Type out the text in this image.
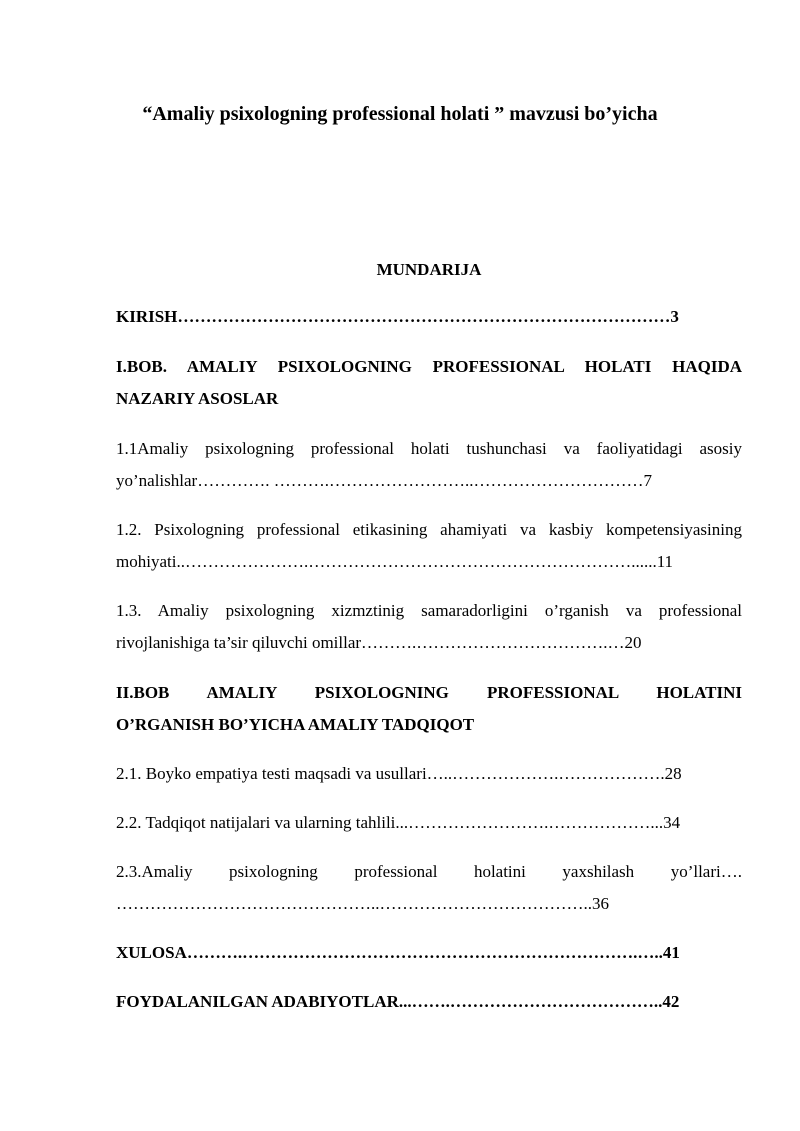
“Amaliy psixologning professional holati ” mavzusi bo’yicha
MUNDARIJA
KIRISH……………………………………………………………………………3
I.BOB. AMALIY PSIXOLOGNING PROFESSIONAL HOLATI HAQIDA
NAZARIY ASOSLAR
1.1Amaliy psixologning professional holati tushunchasi va faoliyatidagi asosiy
yo’nalishlar…………. ……….……………………..…………………………7
1.2. Psixologning professional etikasining ahamiyati va kasbiy kompetensiyasining
mohiyati..………………….…………………………………………………......11
1.3. Amaliy psixologning xizmztinig samaradorligini o’rganish va professional
rivojlanishiga ta’sir qiluvchi omillar……….…………………………….…20
II.BOB AMALIY PSIXOLOGNING PROFESSIONAL HOLATINI
O’RGANISH BO’YICHA AMALIY TADQIQOT
2.1. Boyko empatiya testi maqsadi va usullari…..……………….……………….28
2.2. Tadqiqot natijalari va ularning tahlili...…………………….………………...34
2.3.Amaliy psixologning professional holatini yaxshilash yo’llari….
………………………………………..………………………………..36
XULOSA……….…………………………………………………………….…..41
FOYDALANILGAN ADABIYOTLAR...…….………………………………..42
